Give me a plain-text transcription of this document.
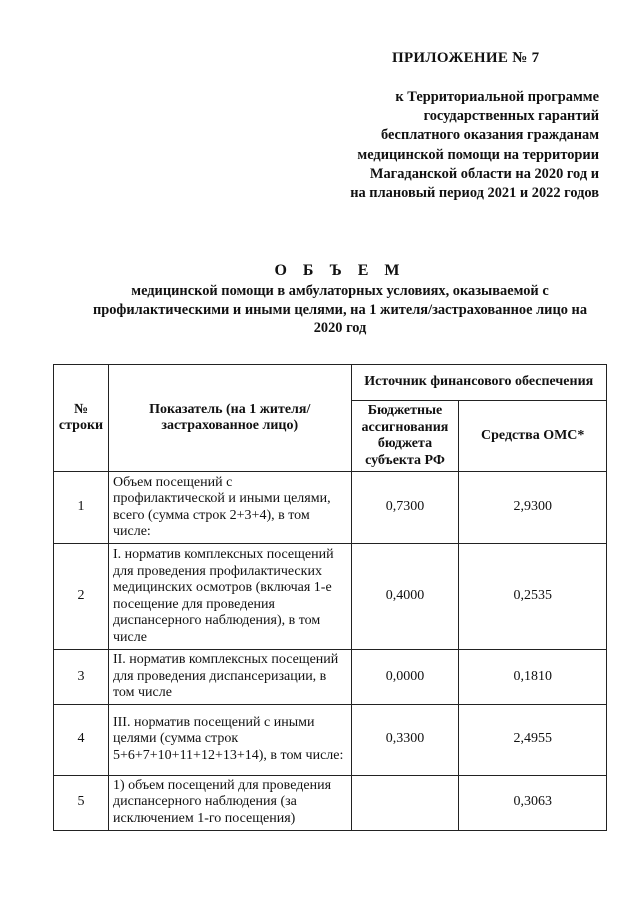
ПРИЛОЖЕНИЕ № 7
к Территориальной программе
государственных гарантий
бесплатного оказания гражданам
медицинской помощи на территории
Магаданской области на 2020 год и
на плановый период 2021 и 2022 годов
О Б Ъ Е М
медицинской помощи в амбулаторных условиях, оказываемой с
профилактическими и иными целями, на 1 жителя/застрахованное лицо на
2020 год
№ строки	Показатель (на 1 жителя/застрахованное лицо)	Источник финансового обеспечения	
		Бюджетные ассигнования бюджета субъекта РФ	Средства ОМС*
1	Объем посещений с профилактической и иными целями, всего (сумма строк 2+3+4), в том числе:	0,7300	2,9300
2	I. норматив комплексных посещений для проведения профилактических медицинских осмотров (включая 1-е посещение для проведения диспансерного наблюдения), в том числе	0,4000	0,2535
3	II. норматив комплексных посещений для проведения диспансеризации, в том числе	0,0000	0,1810
4	III. норматив посещений с иными целями (сумма строк 5+6+7+10+11+12+13+14), в том числе:	0,3300	2,4955
5	1) объем посещений для проведения диспансерного наблюдения (за исключением 1-го посещения)		0,3063
